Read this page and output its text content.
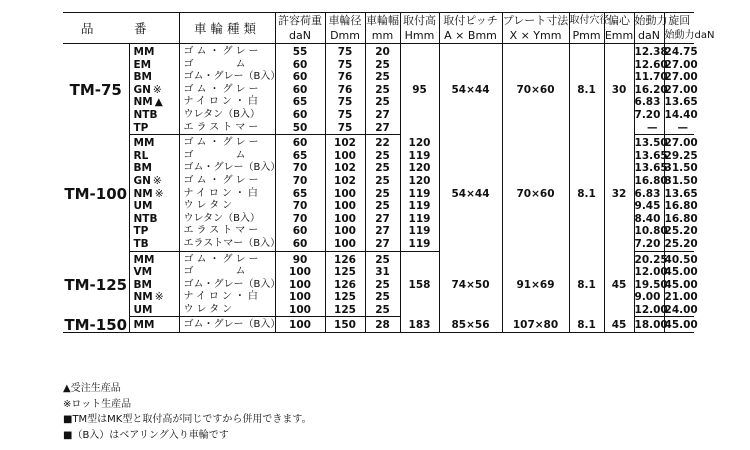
品　番		車輪種類	許容荷重	車輪径	車輪幅	取付高	取付ピッチ	プレート寸法	取付穴径	偏心	始動力	旋回
			daN	Dmm	mm	Hmm	A × Bmm	X × Ymm	Pmm	Emm	daN	始動力daN
TM-75	MM	ゴム・グレー	55	75	20	95	54×44	70×60	8.1	30	12.38	24.75
	EM	ゴ　　　ム	60	75	25						12.60	27.00
	BM	ゴム・グレー（B入）	60	76	25						11.70	27.00
	GN ※	ゴム・グレー	60	76	25						16.20	27.00
	NM ▲	ナイロン・白	65	75	25						6.83	13.65
	NTB	ウレタン（B入）	60	75	27						7.20	14.40
	TP	エラストマー	50	75	27						—	—
TM-100	MM	ゴム・グレー	60	102	22	120	54×44	70×60	8.1	32	13.50	27.00
	RL	ゴ　　　ム	65	100	25	119					13.65	29.25
	BM	ゴム・グレー（B入）	70	102	25	120					13.65	31.50
	GN ※	ゴム・グレー	70	102	25	120					16.80	31.50
	NM ※	ナイロン・白	65	100	25	119					6.83	13.65
	UM	ウレタン	70	100	25	119					9.45	16.80
	NTB	ウレタン（B入）	70	100	27	119					8.40	16.80
	TP	エラストマー	60	100	27	119					10.80	25.20
	TB	エラストマー（B入）	60	100	27	119					7.20	25.20
TM-125	MM	ゴム・グレー	90	126	25	158	74×50	91×69	8.1	45	20.25	40.50
	VM	ゴ　　　ム	100	125	31						12.00	45.00
	BM	ゴム・グレー（B入）	100	126	25						19.50	45.00
	NM ※	ナイロン・白	100	125	25						9.00	21.00
	UM	ウレタン	100	125	25						12.00	24.00
TM-150	MM	ゴム・グレー（B入）	100	150	28	183	85×56	107×80	8.1	45	18.00	45.00
▲受注生産品
※ロット生産品
■TM型はMK型と取付高が同じですから併用できます。
■（B入）はベアリング入り車輪です
